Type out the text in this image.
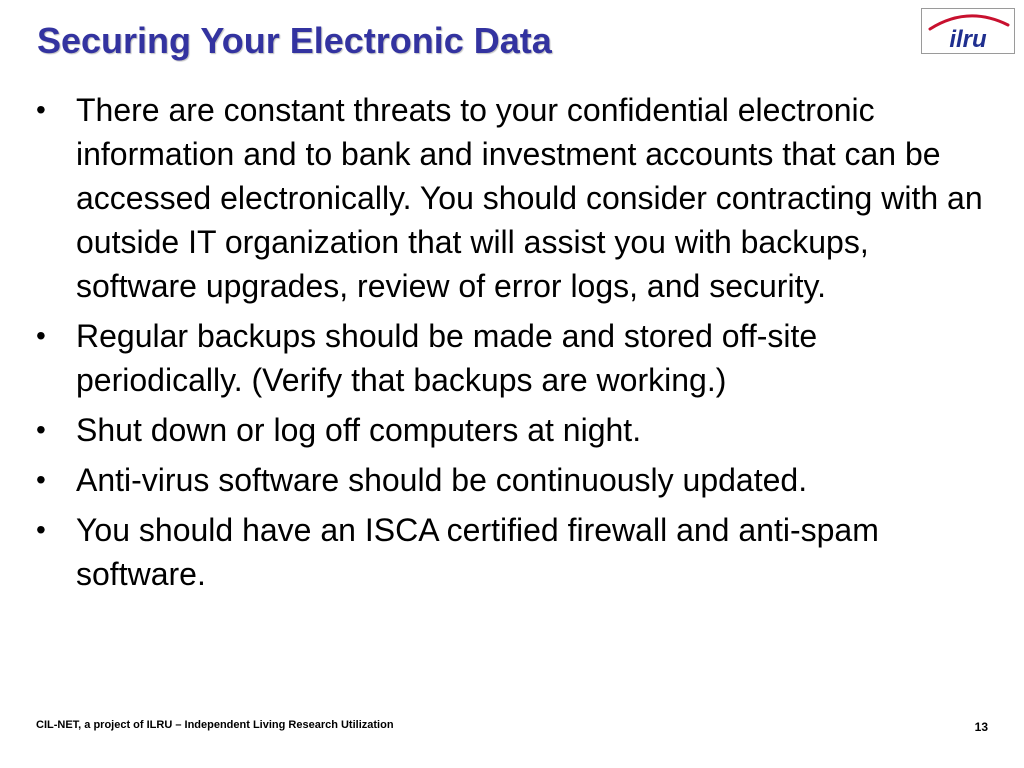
Securing Your Electronic Data	ilru
• There are constant threats to your confidential electronic information and to bank and investment accounts that can be accessed electronically. You should consider contracting with an outside IT organization that will assist you with backups, software upgrades, review of error logs, and security.
• Regular backups should be made and stored off-site periodically. (Verify that backups are working.)
• Shut down or log off computers at night.
• Anti-virus software should be continuously updated.
• You should have an ISCA certified firewall and anti-spam software.
CIL-NET, a project of ILRU – Independent Living Research Utilization	13
